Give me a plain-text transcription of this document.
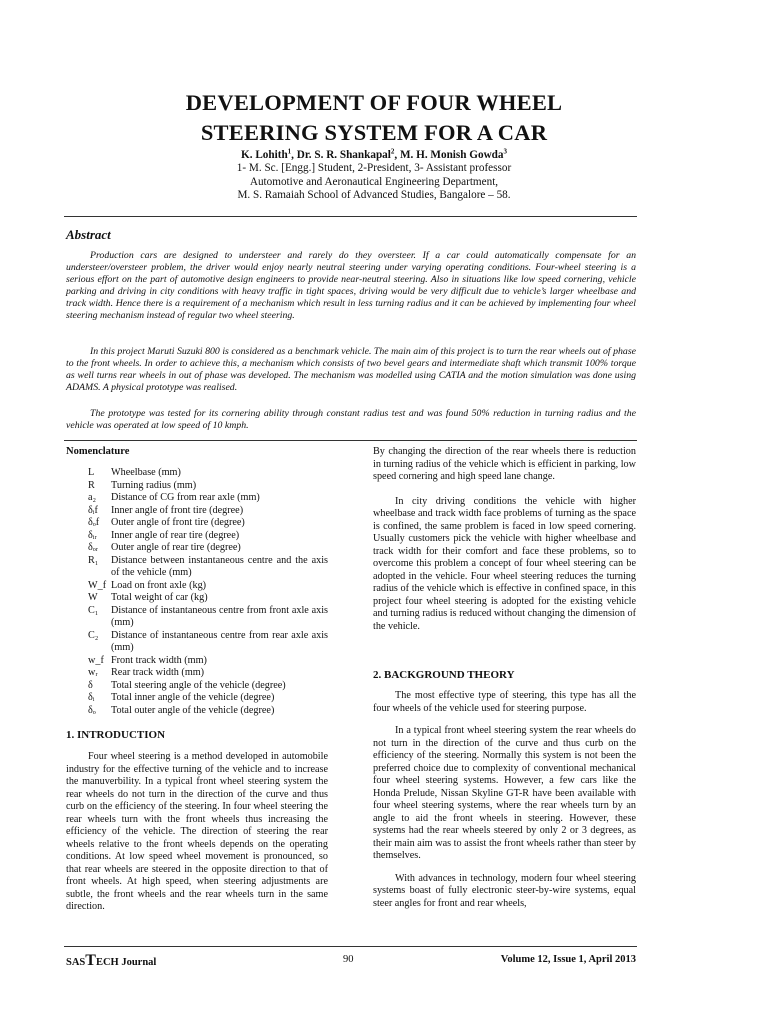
DEVELOPMENT OF FOUR WHEEL
STEERING SYSTEM FOR A CAR
K. Lohith$^1$, Dr. S. R. Shankapal$^2$, M. H. Monish Gowda$^3$
1- M. Sc. [Engg.] Student, 2-President, 3- Assistant professor
Automotive and Aeronautical Engineering Department,
M. S. Ramaiah School of Advanced Studies, Bangalore – 58.
Abstract

Production cars are designed to understeer and rarely do they oversteer. If a car could automatically compensate for an understeer/oversteer problem, the driver would enjoy nearly neutral steering under varying operating conditions. Four-wheel steering is a serious effort on the part of automotive design engineers to provide near-neutral steering. Also in situations like low speed cornering, vehicle parking and driving in city conditions with heavy traffic in tight spaces, driving would be very difficult due to vehicle’s larger wheelbase and track width. Hence there is a requirement of a mechanism which result in less turning radius and it can be achieved by implementing four wheel steering mechanism instead of regular two wheel steering.

In this project Maruti Suzuki 800 is considered as a benchmark vehicle. The main aim of this project is to turn the rear wheels out of phase to the front wheels. In order to achieve this, a mechanism which consists of two bevel gears and intermediate shaft which transmit 100% torque as well turns rear wheels in out of phase was developed. The mechanism was modelled using CATIA and the motion simulation was done using ADAMS. A physical prototype was realised.

The prototype was tested for its cornering ability through constant radius test and was found 50% reduction in turning radius and the vehicle was operated at low speed of 10 kmph.

Nomenclature
L	Wheelbase (mm)
R	Turning radius (mm)
a₂	Distance of CG from rear axle (mm)
δᵢf	Inner angle of front tire (degree)
δₒf	Outer angle of front tire (degree)
δᵢᵣ	Inner angle of rear tire (degree)
δₒᵣ	Outer angle of rear tire (degree)
R₁	Distance between instantaneous centre and the axis of the vehicle (mm)
W_f Load on front axle (kg)
W	Total weight of car (kg)
C₁	Distance of instantaneous centre from front axle axis (mm)
C₂	Distance of instantaneous centre from rear axle axis (mm)
w_f Front track width (mm)
wᵣ	Rear track width (mm)
δ	Total steering angle of the vehicle (degree)
δᵢ	Total inner angle of the vehicle (degree)
δₒ	Total outer angle of the vehicle (degree)
1. INTRODUCTION

Four wheel steering is a method developed in automobile industry for the effective turning of the vehicle and to increase the manuverbility. In a typical front wheel steering system the rear wheels do not turn in the direction of the curve and thus curb on the efficiency of the steering. In four wheel steering the rear wheels turn with the front wheels thus increasing the efficiency of the vehicle. The direction of steering the rear wheels relative to the front wheels depends on the operating conditions. At low speed wheel movement is pronounced, so that rear wheels are steered in the opposite direction to that of front wheels. At high speed, when steering adjustments are subtle, the front wheels and the rear wheels turn in the same direction.

By changing the direction of the rear wheels there is reduction in turning radius of the vehicle which is efficient in parking, low speed cornering and high speed lane change.

In city driving conditions the vehicle with higher wheelbase and track width face problems of turning as the space is confined, the same problem is faced in low speed cornering. Usually customers pick the vehicle with higher wheelbase and track width for their comfort and face these problems, so to overcome this problem a concept of four wheel steering can be adopted in the vehicle. Four wheel steering reduces the turning radius of the vehicle which is effective in confined space, in this project four wheel steering is adopted for the existing vehicle and turning radius is reduced without changing the dimension of the vehicle.

2. BACKGROUND THEORY

The most effective type of steering, this type has all the four wheels of the vehicle used for steering purpose.

In a typical front wheel steering system the rear wheels do not turn in the direction of the curve and thus curb on the efficiency of the steering. Normally this system is not been the preferred choice due to complexity of conventional mechanical four wheel steering systems. However, a few cars like the Honda Prelude, Nissan Skyline GT-R have been available with four wheel steering systems, where the rear wheels turn by an angle to aid the front wheels in steering. However, these systems had the rear wheels steered by only 2 or 3 degrees, as their main aim was to assist the front wheels rather than steer by themselves.

With advances in technology, modern four wheel steering systems boast of fully electronic steer-by-wire systems, equal steer angles for front and rear wheels,

SASTECH Journal	90	Volume 12, Issue 1, April 2013
